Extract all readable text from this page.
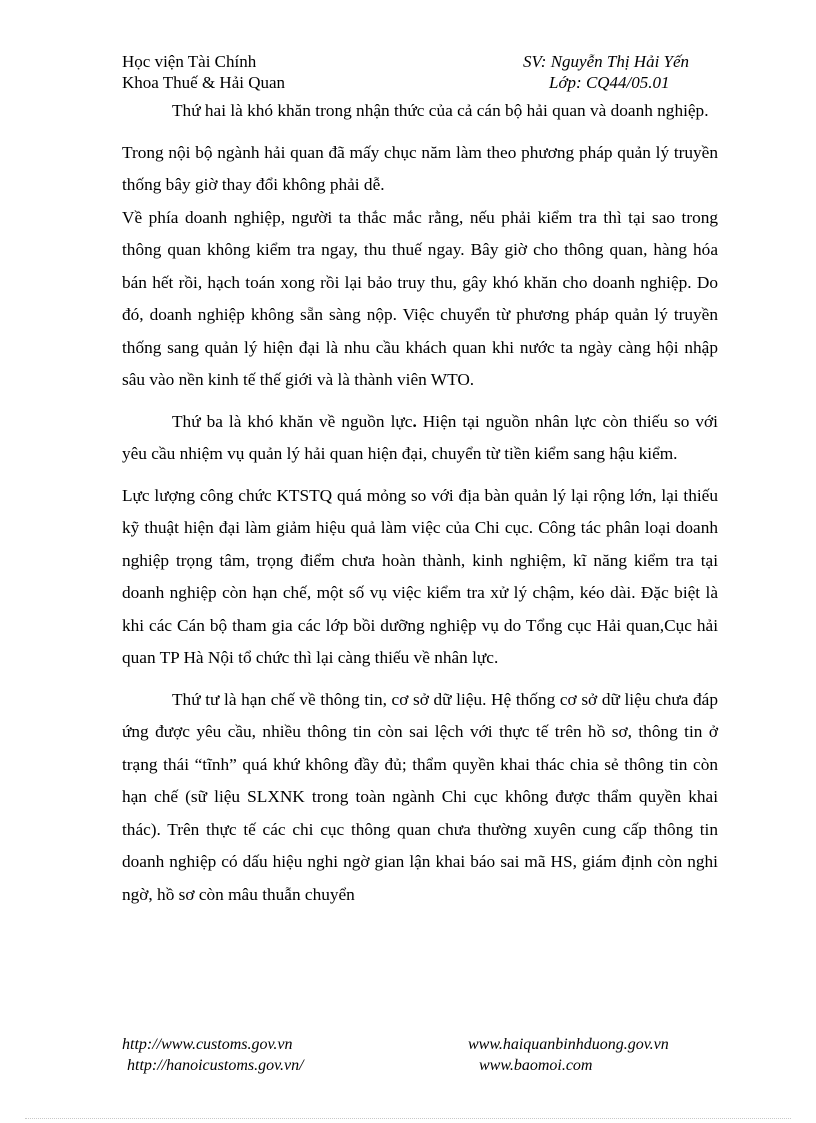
Học viện Tài Chính
Khoa Thuế & Hải Quan
SV: Nguyễn Thị Hải Yến
Lớp: CQ44/05.01

Thứ hai là khó khăn trong nhận thức của cả cán bộ hải quan và doanh nghiệp.

Trong nội bộ ngành hải quan đã mấy chục năm làm theo phương pháp quản lý truyền thống bây giờ thay đổi không phải dễ.

Về phía doanh nghiệp, người ta thắc mắc rằng, nếu phải kiểm tra thì tại sao trong thông quan không kiểm tra ngay, thu thuế ngay. Bây giờ cho thông quan, hàng hóa bán hết rồi, hạch toán xong rồi lại bảo truy thu, gây khó khăn cho doanh nghiệp. Do đó, doanh nghiệp không sẵn sàng nộp. Việc chuyển từ phương pháp quản lý truyền thống sang quản lý hiện đại là nhu cầu khách quan khi nước ta ngày càng hội nhập sâu vào nền kinh tế thế giới và là thành viên WTO.

Thứ ba là khó khăn về nguồn lực. Hiện tại nguồn nhân lực còn thiếu so với yêu cầu nhiệm vụ quản lý hải quan hiện đại, chuyển từ tiền kiểm sang hậu kiểm.

Lực lượng công chức KTSTQ quá mỏng so với địa bàn quản lý lại rộng lớn, lại thiếu kỹ thuật hiện đại làm giảm hiệu quả làm việc của Chi cục. Công tác phân loại doanh nghiệp trọng tâm, trọng điểm chưa hoàn thành, kinh nghiệm, kĩ năng kiểm tra tại doanh nghiệp còn hạn chế, một số vụ việc kiểm tra xử lý chậm, kéo dài. Đặc biệt là khi các Cán bộ tham gia các lớp bồi dưỡng nghiệp vụ do Tổng cục Hải quan,Cục hải quan TP Hà Nội tổ chức thì lại càng thiếu về nhân lực.

Thứ tư là hạn chế về thông tin, cơ sở dữ liệu. Hệ thống cơ sở dữ liệu chưa đáp ứng được yêu cầu, nhiều thông tin còn sai lệch với thực tế trên hồ sơ, thông tin ở trạng thái “tĩnh” quá khứ không đầy đủ; thẩm quyền khai thác chia sẻ thông tin còn hạn chế (sữ liệu SLXNK trong toàn ngành Chi cục không được thẩm quyền khai thác). Trên thực tế các chi cục thông quan chưa thường xuyên cung cấp thông tin doanh nghiệp có dấu hiệu nghi ngờ gian lận khai báo sai mã HS, giám định còn nghi ngờ, hồ sơ còn mâu thuẫn chuyển

http://www.customs.gov.vn
http://hanoicustoms.gov.vn/
www.haiquanbinhduong.gov.vn
www.baomoi.com
